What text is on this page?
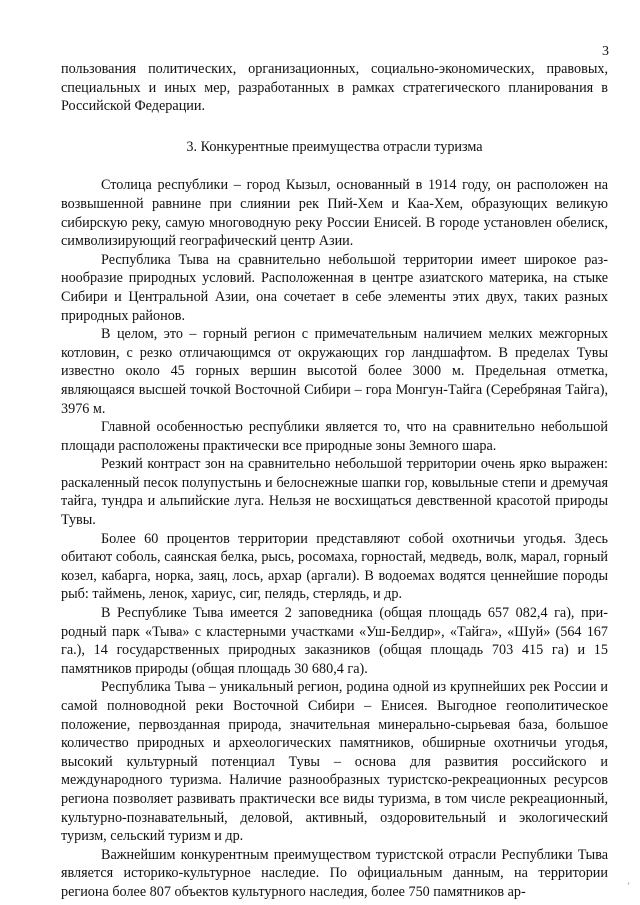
3

пользования политических, организационных, социально-экономических, правовых, специальных и иных мер, разработанных в рамках стратегического планирования в Российской Федерации.

3. Конкурентные преимущества отрасли туризма

Столица республики – город Кызыл, основанный в 1914 году, он расположен на возвышенной равнине при слиянии рек Пий-Хем и Каа-Хем, образующих великую сибирскую реку, самую многоводную реку России Енисей. В городе установлен обелиск, символизирующий географический центр Азии.

Республика Тыва на сравнительно небольшой территории имеет широкое разнообразие природных условий. Расположенная в центре азиатского материка, на стыке Сибири и Центральной Азии, она сочетает в себе элементы этих двух, таких разных природных районов.

В целом, это – горный регион с примечательным наличием мелких межгорных котловин, с резко отличающимся от окружающих гор ландшафтом. В пределах Тувы известно около 45 горных вершин высотой более 3000 м. Предельная отметка, являющаяся высшей точкой Восточной Сибири – гора Монгун-Тайга (Серебряная Тайга), 3976 м.

Главной особенностью республики является то, что на сравнительно небольшой площади расположены практически все природные зоны Земного шара.

Резкий контраст зон на сравнительно небольшой территории очень ярко выражен: раскаленный песок полупустынь и белоснежные шапки гор, ковыльные степи и дремучая тайга, тундра и альпийские луга. Нельзя не восхищаться девственной красотой природы Тувы.

Более 60 процентов территории представляют собой охотничьи угодья. Здесь обитают соболь, саянская белка, рысь, росомаха, горностай, медведь, волк, марал, горный козел, кабарга, норка, заяц, лось, архар (аргали). В водоемах водятся ценнейшие породы рыб: таймень, ленок, хариус, сиг, пелядь, стерлядь, и др.

В Республике Тыва имеется 2 заповедника (общая площадь 657 082,4 га), природный парк «Тыва» с кластерными участками «Уш-Белдир», «Тайга», «Шуй» (564 167 га.), 14 государственных природных заказников (общая площадь 703 415 га) и 15 памятников природы (общая площадь 30 680,4 га).

Республика Тыва – уникальный регион, родина одной из крупнейших рек России и самой полноводной реки Восточной Сибири – Енисея. Выгодное геополитическое положение, первозданная природа, значительная минерально-сырьевая база, большое количество природных и археологических памятников, обширные охотничьи угодья, высокий культурный потенциал Тувы – основа для развития российского и международного туризма. Наличие разнообразных туристско-рекреационных ресурсов региона позволяет развивать практически все виды туризма, в том числе рекреационный, культурно-познавательный, деловой, активный, оздоровительный и экологический туризм, сельский туризм и др.

Важнейшим конкурентным преимуществом туристской отрасли Республики Тыва является историко-культурное наследие. По официальным данным, на территории региона более 807 объектов культурного наследия, более 750 памятников ар-	ʼ
